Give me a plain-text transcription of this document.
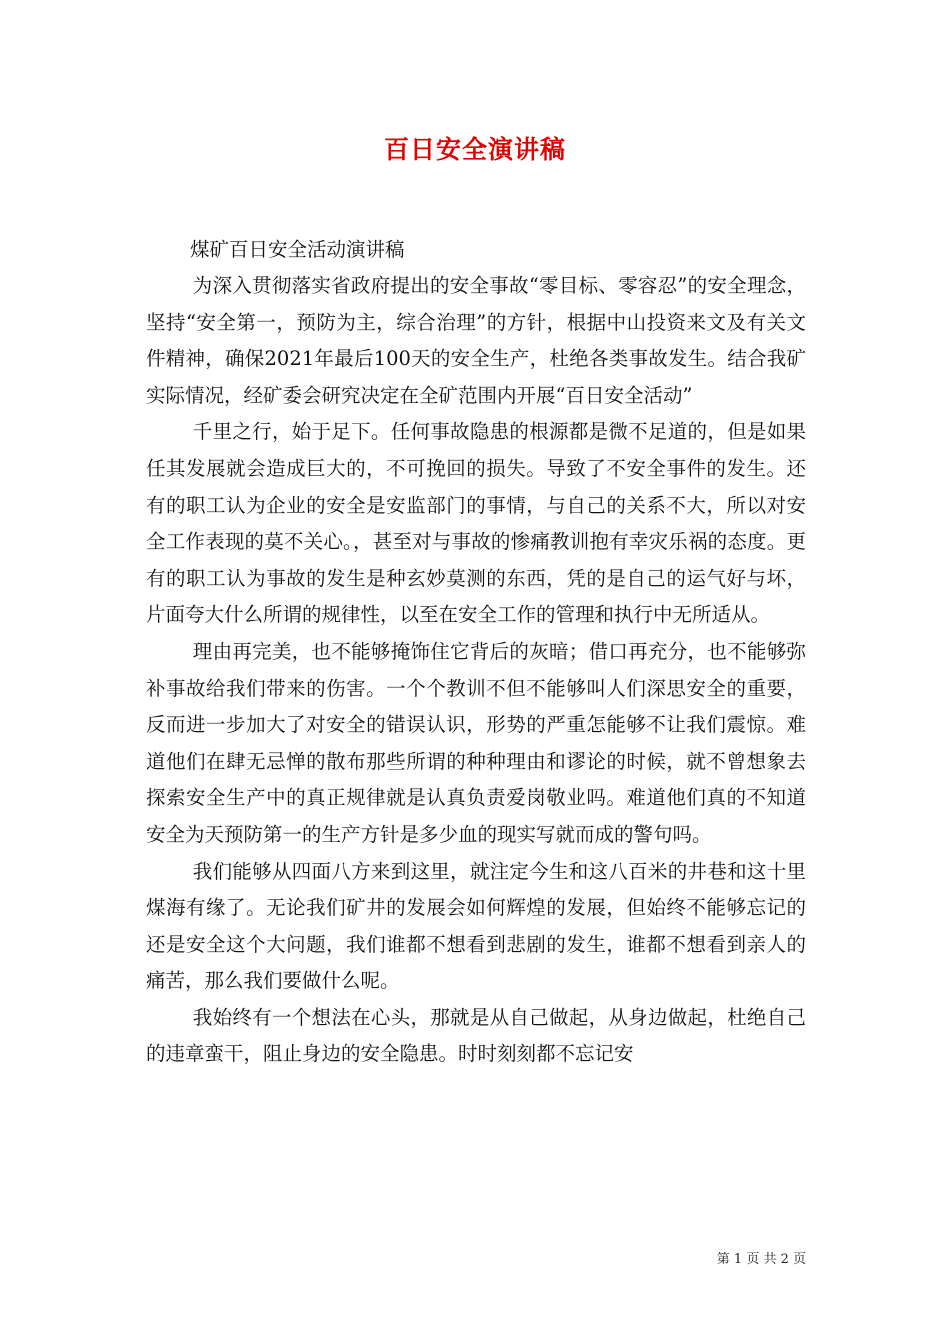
百日安全演讲稿

煤矿百日安全活动演讲稿

为深入贯彻落实省政府提出的安全事故“零目标、零容忍”的安全理念，坚持“安全第一，预防为主，综合治理”的方针，根据中山投资来文及有关文件精神，确保2021年最后100天的安全生产，杜绝各类事故发生。结合我矿实际情况，经矿委会研究决定在全矿范围内开展“百日安全活动”

千里之行，始于足下。任何事故隐患的根源都是微不足道的，但是如果任其发展就会造成巨大的，不可挽回的损失。导致了不安全事件的发生。还有的职工认为企业的安全是安监部门的事情，与自己的关系不大，所以对安全工作表现的莫不关心。，甚至对与事故的惨痛教训抱有幸灾乐祸的态度。更有的职工认为事故的发生是种玄妙莫测的东西，凭的是自己的运气好与坏，片面夸大什么所谓的规律性，以至在安全工作的管理和执行中无所适从。

理由再完美，也不能够掩饰住它背后的灰暗；借口再充分，也不能够弥补事故给我们带来的伤害。一个个教训不但不能够叫人们深思安全的重要，反而进一步加大了对安全的错误认识，形势的严重怎能够不让我们震惊。难道他们在肆无忌惮的散布那些所谓的种种理由和谬论的时候，就不曾想象去探索安全生产中的真正规律就是认真负责爱岗敬业吗。难道他们真的不知道安全为天预防第一的生产方针是多少血的现实写就而成的警句吗。

我们能够从四面八方来到这里，就注定今生和这八百米的井巷和这十里煤海有缘了。无论我们矿井的发展会如何辉煌的发展，但始终不能够忘记的还是安全这个大问题，我们谁都不想看到悲剧的发生，谁都不想看到亲人的痛苦，那么我们要做什么呢。

我始终有一个想法在心头，那就是从自己做起，从身边做起，杜绝自己的违章蛮干，阻止身边的安全隐患。时时刻刻都不忘记安

第 1 页 共 2 页
